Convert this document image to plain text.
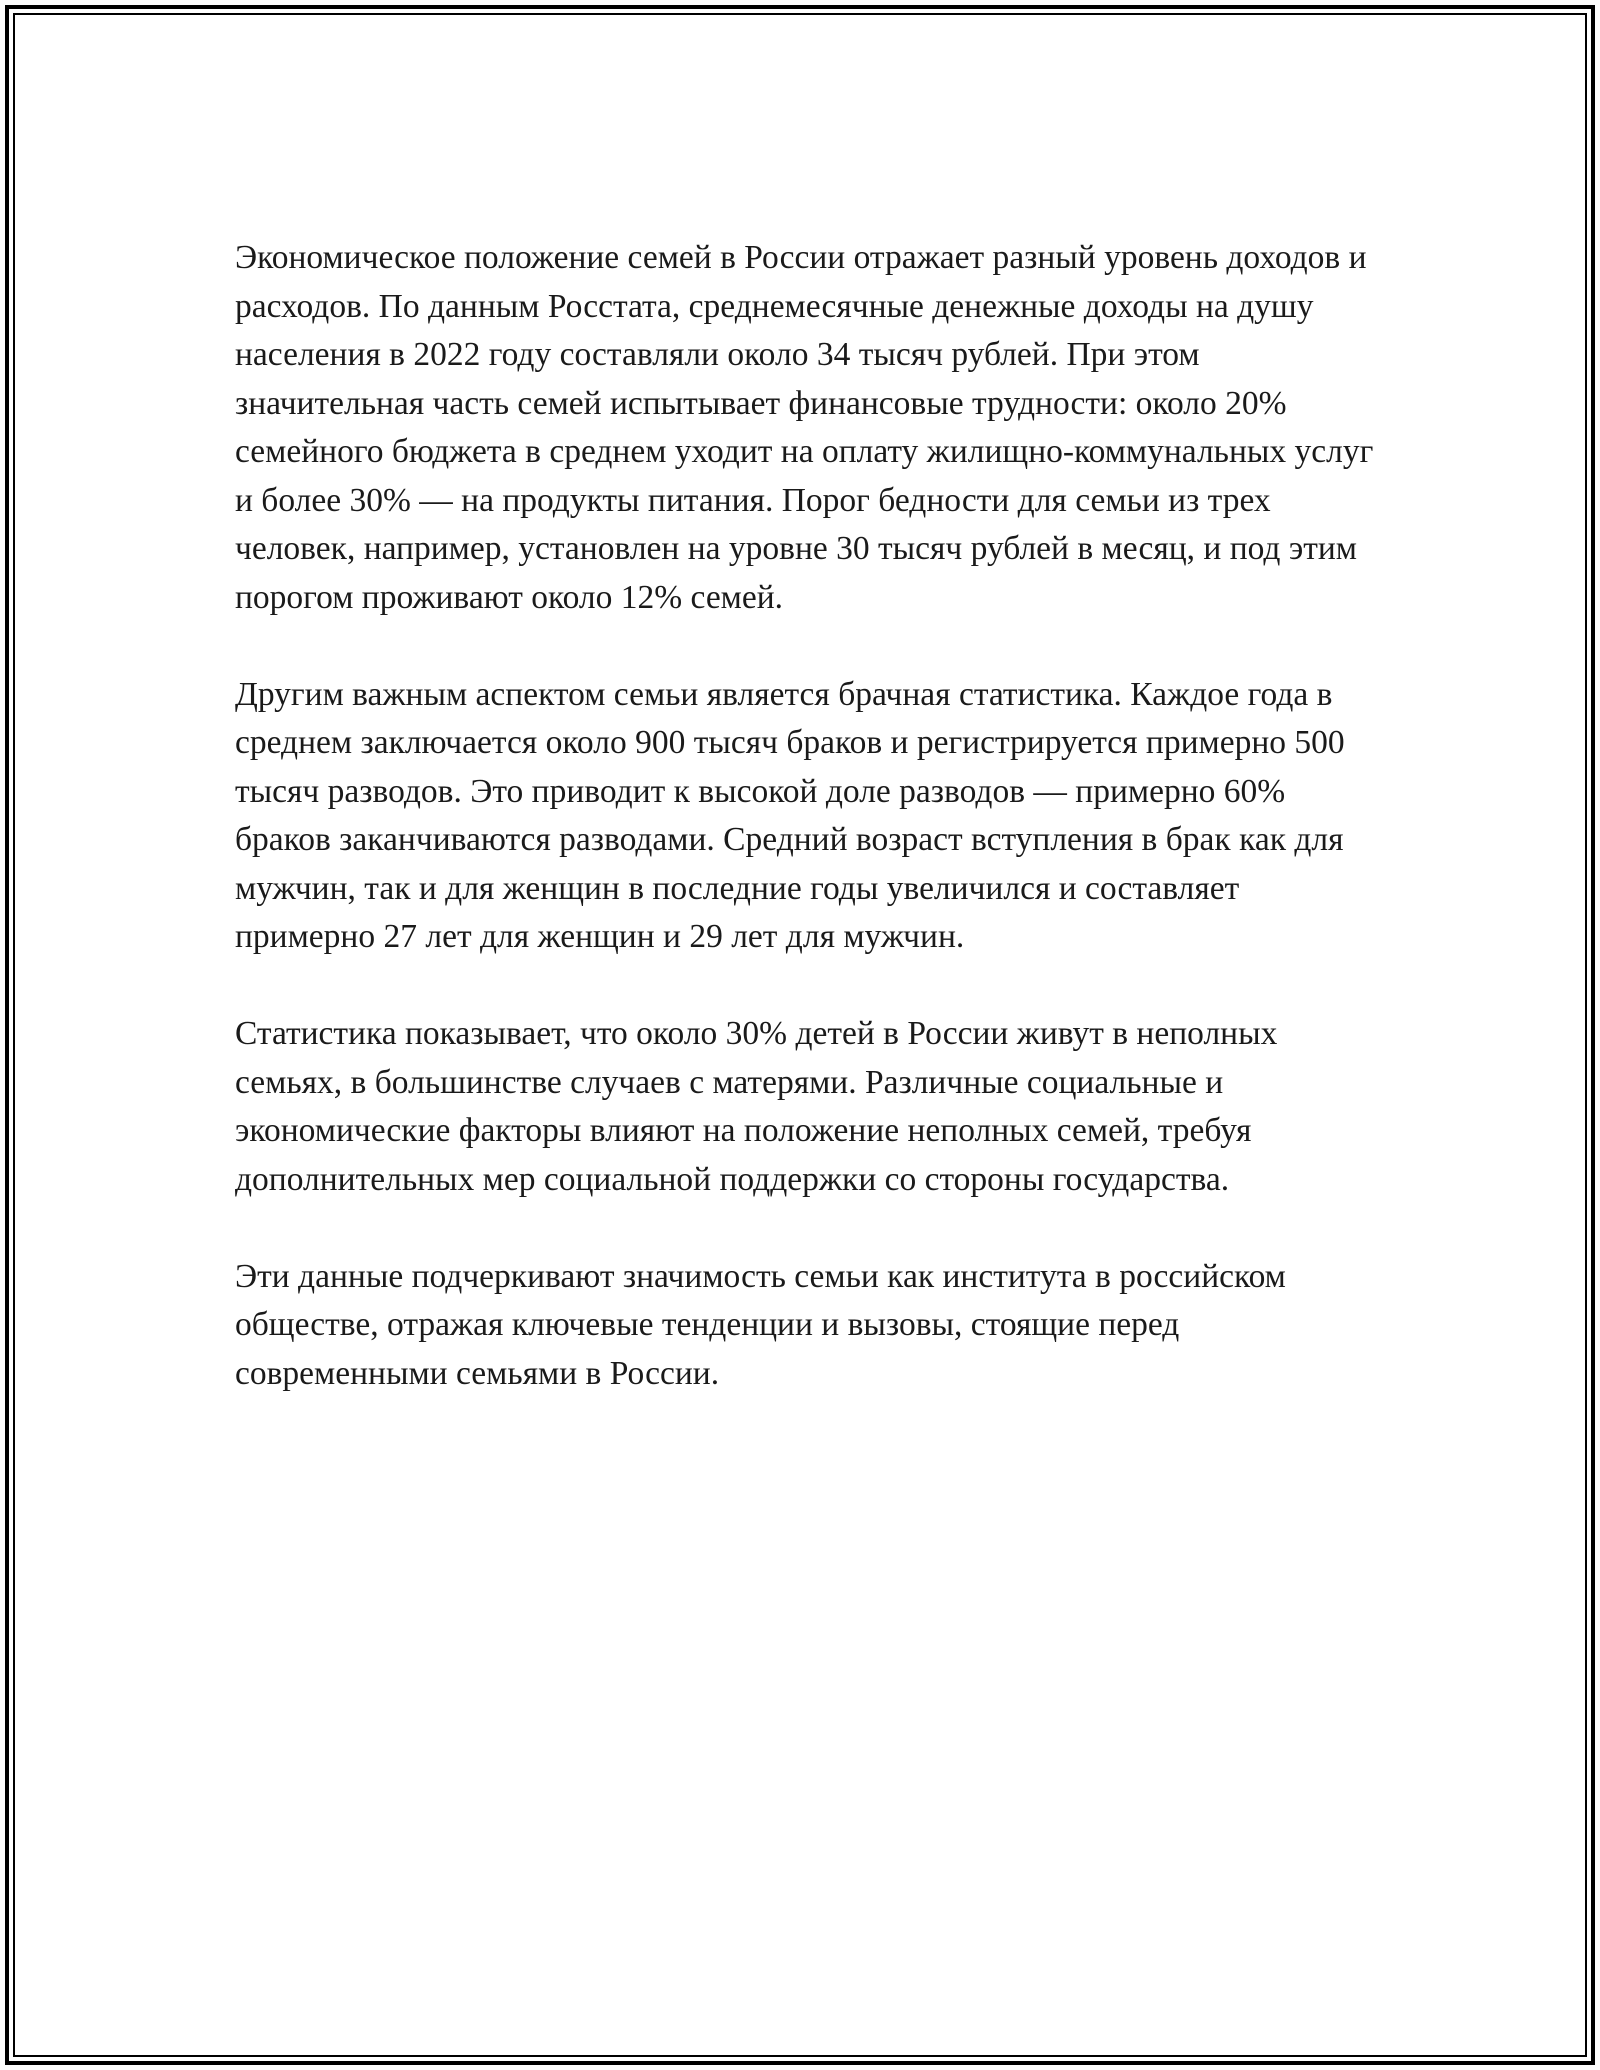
Экономическое положение семей в России отражает разный уровень доходов и расходов. По данным Росстата, среднемесячные денежные доходы на душу населения в 2022 году составляли около 34 тысяч рублей. При этом значительная часть семей испытывает финансовые трудности: около 20% семейного бюджета в среднем уходит на оплату жилищно-коммунальных услуг и более 30% — на продукты питания. Порог бедности для семьи из трех человек, например, установлен на уровне 30 тысяч рублей в месяц, и под этим порогом проживают около 12% семей.

Другим важным аспектом семьи является брачная статистика. Каждое года в среднем заключается около 900 тысяч браков и регистрируется примерно 500 тысяч разводов. Это приводит к высокой доле разводов — примерно 60% браков заканчиваются разводами. Средний возраст вступления в брак как для мужчин, так и для женщин в последние годы увеличился и составляет примерно 27 лет для женщин и 29 лет для мужчин.

Статистика показывает, что около 30% детей в России живут в неполных семьях, в большинстве случаев с матерями. Различные социальные и экономические факторы влияют на положение неполных семей, требуя дополнительных мер социальной поддержки со стороны государства.

Эти данные подчеркивают значимость семьи как института в российском обществе, отражая ключевые тенденции и вызовы, стоящие перед современными семьями в России.
